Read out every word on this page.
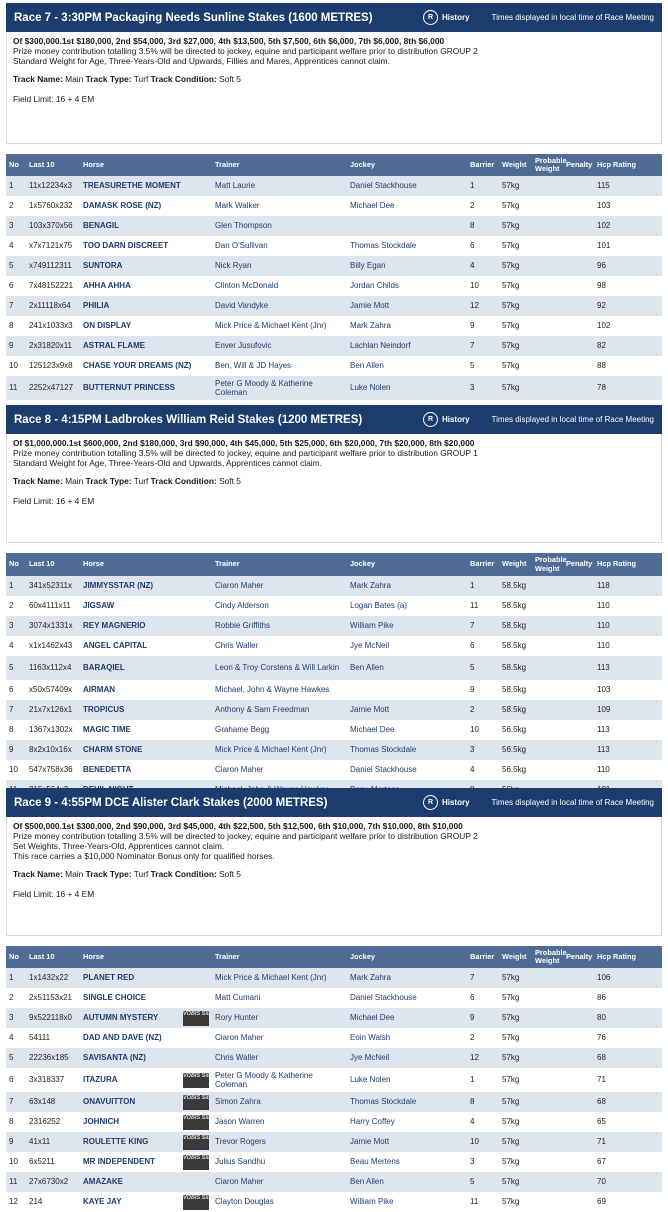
Race 7 - 3:30PM Packaging Needs Sunline Stakes (1600 METRES)	R	History	Times displayed in local time of Race Meeting
Of $300,000.1st $180,000, 2nd $54,000, 3rd $27,000, 4th $13,500, 5th $7,500, 6th $6,000, 7th $6,000, 8th $6,000
Prize money contribution totalling 3.5% will be directed to jockey, equine and participant welfare prior to distribution GROUP 2
Standard Weight for Age, Three-Years-Old and Upwards, Fillies and Mares, Apprentices cannot claim.
Track Name: Main Track Type: Turf Track Condition: Soft 5
Field Limit: 16 + 4 EM
No	Last 10	Horse	Trainer	Jockey	Barrier	Weight	Probable Weight	Penalty	Hcp Rating
1	11x12234x3	TREASURETHE MOMENT	Matt Laurie	Daniel Stackhouse	1	57kg			115
2	1x5760x232	DAMASK ROSE (NZ)	Mark Walker	Michael Dee	2	57kg			103
3	103x370x56	BENAGIL	Glen Thompson		8	57kg			102
4	x7x7121x75	TOO DARN DISCREET	Dan O'Sullivan	Thomas Stockdale	6	57kg			101
5	x749112311	SUNTORA	Nick Ryan	Billy Egan	4	57kg			96
6	7x48152221	AHHA AHHA	Clinton McDonald	Jordan Childs	10	57kg			98
7	2x11118x64	PHILIA	David Vandyke	Jamie Mott	12	57kg			92
8	241x1033x3	ON DISPLAY	Mick Price & Michael Kent (Jnr)	Mark Zahra	9	57kg			102
9	2x31820x11	ASTRAL FLAME	Enver Jusufovic	Lachlan Neindorf	7	57kg			82
10	125123x9x8	CHASE YOUR DREAMS (NZ)	Ben, Will & JD Hayes	Ben Allen	5	57kg			88
11	2252x47127	BUTTERNUT PRINCESS	Peter G Moody & Katherine Coleman	Luke Nolen	3	57kg			78

Race 8 - 4:15PM Ladbrokes William Reid Stakes (1200 METRES)	R	History	Times displayed in local time of Race Meeting
Of $1,000,000.1st $600,000, 2nd $180,000, 3rd $90,000, 4th $45,000, 5th $25,000, 6th $20,000, 7th $20,000, 8th $20,000
Prize money contribution totalling 3.5% will be directed to jockey, equine and participant welfare prior to distribution GROUP 1
Standard Weight for Age, Three-Years-Old and Upwards, Apprentices cannot claim.
Track Name: Main Track Type: Turf Track Condition: Soft 5
Field Limit: 16 + 4 EM
No	Last 10	Horse	Trainer	Jockey	Barrier	Weight	Probable Weight	Penalty	Hcp Rating
1	341x52311x	JIMMYSSTAR (NZ)	Ciaron Maher	Mark Zahra	1	58.5kg			118
2	60x4111x11	JIGSAW	Cindy Alderson	Logan Bates (a)	11	58.5kg			110
3	3074x1331x	REY MAGNERIO	Robbie Griffiths	William Pike	7	58.5kg			110
4	x1x1462x43	ANGEL CAPITAL	Chris Waller	Jye McNeil	6	58.5kg			110
5	1163x112x4	BARAQIEL	Leon & Troy Corstens & Will Larkin	Ben Allen	5	58.5kg			113
6	x50x57409x	AIRMAN	Michael, John & Wayne Hawkes		9	58.5kg			103
7	21x7x126x1	TROPICUS	Anthony & Sam Freedman	Jamie Mott	2	58.5kg			109
8	1367x1302x	MAGIC TIME	Grahame Begg	Michael Dee	10	56.5kg			113
9	8x2x10x16x	CHARM STONE	Mick Price & Michael Kent (Jnr)	Thomas Stockdale	3	56.5kg			113
10	547x758x36	BENEDETTA	Ciaron Maher	Daniel Stackhouse	4	56.5kg			110

Race 9 - 4:55PM DCE Alister Clark Stakes (2000 METRES)	R	History	Times displayed in local time of Race Meeting
Of $500,000.1st $300,000, 2nd $90,000, 3rd $45,000, 4th $22,500, 5th $12,500, 6th $10,000, 7th $10,000, 8th $10,000
Prize money contribution totalling 3.5% will be directed to jockey, equine and participant welfare prior to distribution GROUP 2
Set Weights, Three-Years-Old, Apprentices cannot claim.
This race carries a $10,000 Nominator Bonus only for qualified horses.
Track Name: Main Track Type: Turf Track Condition: Soft 5
Field Limit: 16 + 4 EM
No	Last 10	Horse	Trainer	Jockey	Barrier	Weight	Probable Weight	Penalty	Hcp Rating
1	1x1432x22	PLANET RED	Mick Price & Michael Kent (Jnr)	Mark Zahra	7	57kg			106
2	2x51153x21	SINGLE CHOICE	Matt Cumani	Daniel Stackhouse	6	57kg			86
3	9x522118x0	AUTUMN MYSTERY VOBIS SILVER	Rory Hunter	Michael Dee	9	57kg			80
4	54111	DAD AND DAVE (NZ)	Ciaron Maher	Eoin Walsh	2	57kg			76
5	22236x185	SAVISANTA (NZ)	Chris Waller	Jye McNeil	12	57kg			68
6	3x318337	ITAZURA VOBIS SILVER	Peter G Moody & Katherine Coleman	Luke Nolen	1	57kg			71
7	63x148	ONAVUITTON VOBIS SILVER	Simon Zahra	Thomas Stockdale	8	57kg			68
8	2316252	JOHNICH VOBIS SILVER	Jason Warren	Harry Coffey	4	57kg			65
9	41x11	ROULETTE KING VOBIS SILVER	Trevor Rogers	Jamie Mott	10	57kg			71
10	6x5211	MR INDEPENDENT VOBIS SILVER	Julius Sandhu	Beau Mertens	3	57kg			67
11	27x6730x2	AMAZAKE	Ciaron Maher	Ben Allen	5	57kg			70
12	214	KAYE JAY VOBIS SILVER	Clayton Douglas	William Pike	11	57kg			69
